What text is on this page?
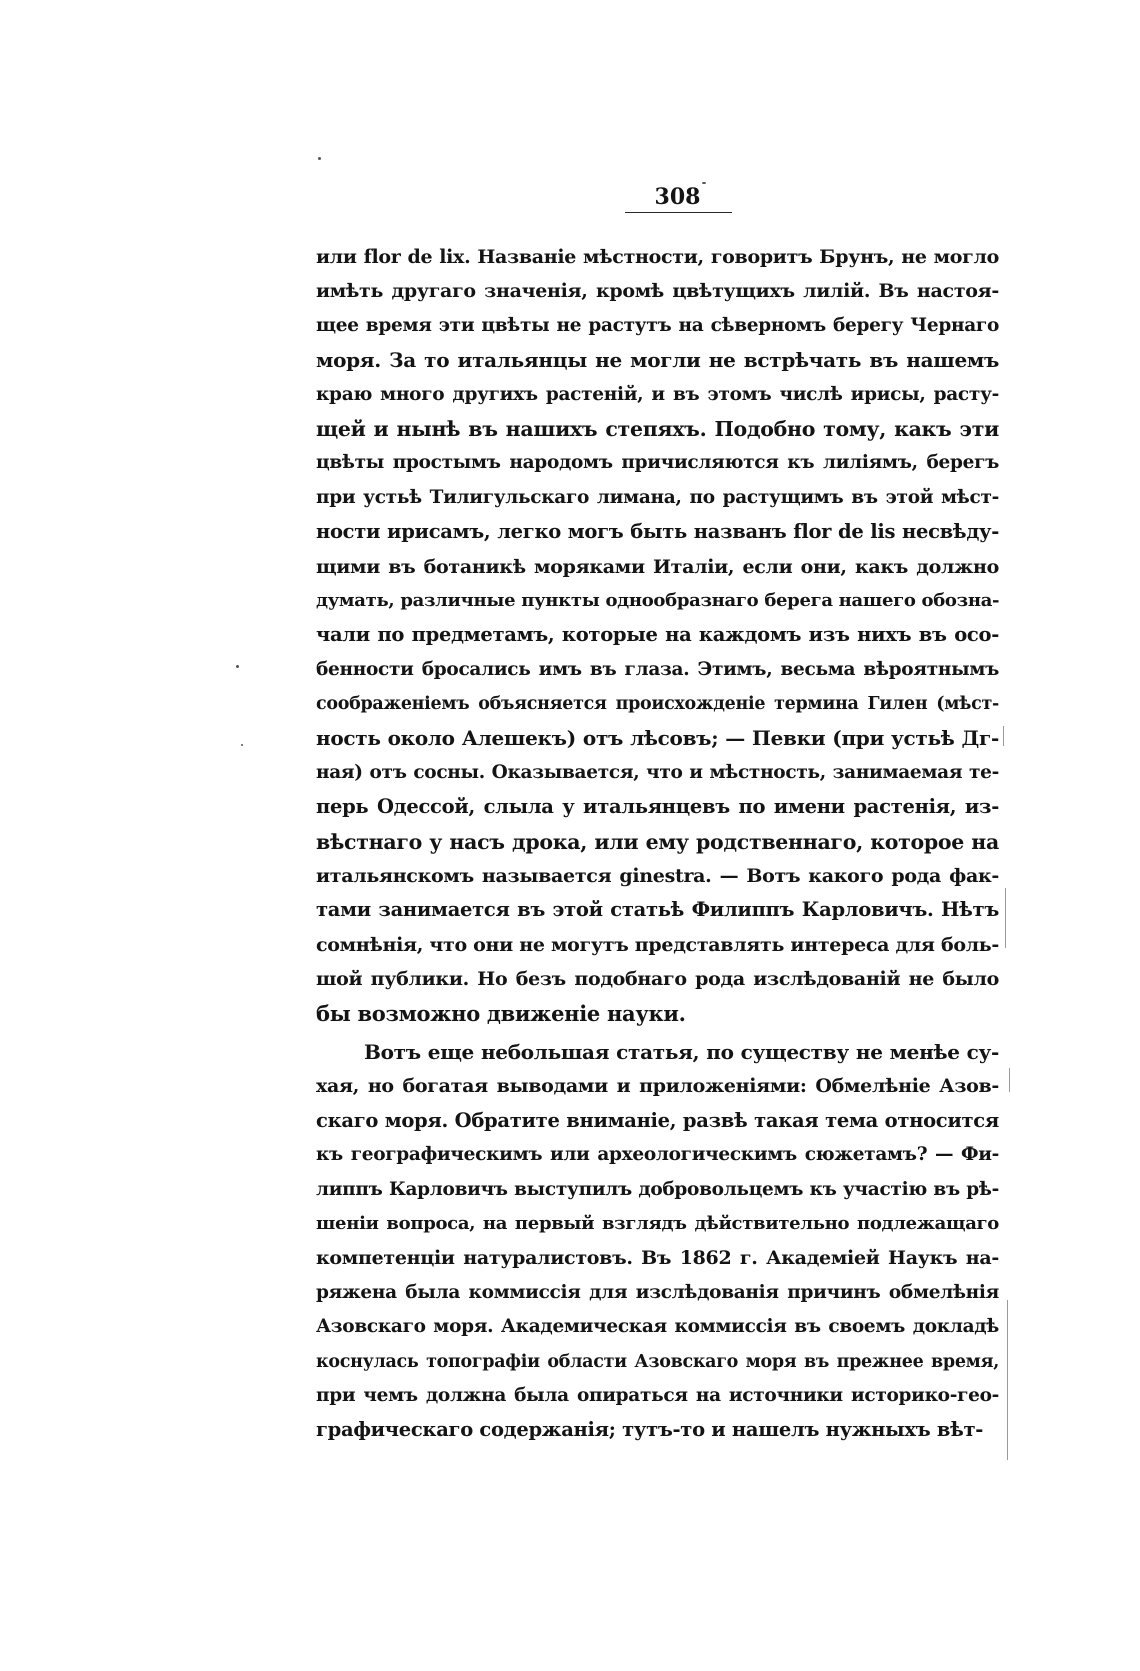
308
или flor de lix. Названіе мѣстности, говоритъ Брунъ, не могло
имѣть другаго значенія, кромѣ цвѣтущихъ лилій. Въ настоя-
щее время эти цвѣты не растутъ на сѣверномъ берегу Чернаго
моря. За то итальянцы не могли не встрѣчать въ нашемъ
краю много другихъ растеній, и въ этомъ числѣ ирисы, расту-
щей и нынѣ въ нашихъ степяхъ. Подобно тому, какъ эти
цвѣты простымъ народомъ причисляются къ лиліямъ, берегъ
при устьѣ Тилигульскаго лимана, по растущимъ въ этой мѣст-
ности ирисамъ, легко могъ быть названъ flor de lis несвѣду-
щими въ ботаникѣ моряками Италіи, если они, какъ должно
думать, различные пункты однообразнаго берега нашего обозна-
чали по предметамъ, которые на каждомъ изъ нихъ въ осо-
бенности бросались имъ въ глаза. Этимъ, весьма вѣроятнымъ
соображеніемъ объясняется происхожденіе термина Гилен (мѣст-
ность около Алешекъ) отъ лѣсовъ; — Певки (при устьѣ Дг-
ная) отъ сосны. Оказывается, что и мѣстность, занимаемая те-
перь Одессой, слыла у итальянцевъ по имени растенія, из-
вѣстнаго у насъ дрока, или ему родственнаго, которое на
итальянскомъ называется ginestra. — Вотъ какого рода фак-
тами занимается въ этой статьѣ Филиппъ Карловичъ. Нѣтъ
сомнѣнія, что они не могутъ представлять интереса для боль-
шой публики. Но безъ подобнаго рода изслѣдованій не было
бы возможно движеніе науки.
Вотъ еще небольшая статья, по существу не менѣе су-
хая, но богатая выводами и приложеніями: Обмелѣніе Азов-
скаго моря. Обратите вниманіе, развѣ такая тема относится
къ географическимъ или археологическимъ сюжетамъ? — Фи-
липпъ Карловичъ выступилъ добровольцемъ къ участію въ рѣ-
шеніи вопроса, на первый взглядъ дѣйствительно подлежащаго
компетенціи натуралистовъ. Въ 1862 г. Академіей Наукъ на-
ряжена была коммиссія для изслѣдованія причинъ обмелѣнія
Азовскаго моря. Академическая коммиссія въ своемъ докладѣ
коснулась топографіи области Азовскаго моря въ прежнее время,
при чемъ должна была опираться на источники историко-гео-
графическаго содержанія; тутъ-то и нашелъ нужныхъ вѣт-
